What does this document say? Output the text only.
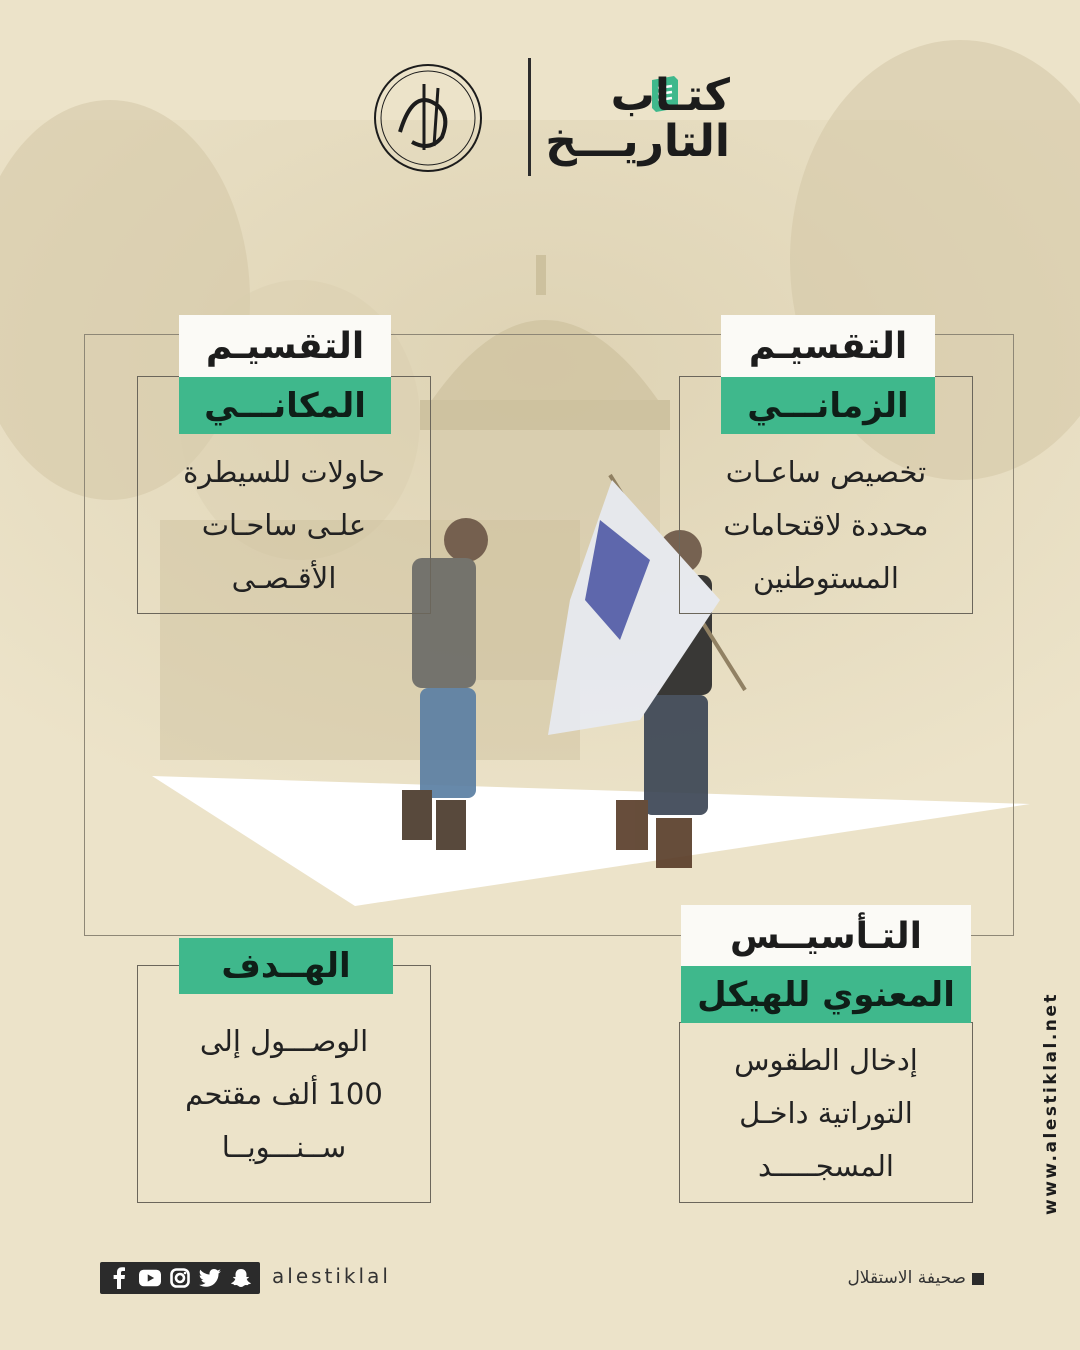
كتـاب
التاريـــخ
التقسيـم
الزمانـــي
تخصيص ساعـات
محددة لاقتحامات
المستوطنين
التقسيـم
المكانـــي
حاولات للسيطرة
علـى ساحـات
الأقـصـى
التـأسيــس
المعنوي للهيكل
إدخال الطقوس
التوراتية داخـل
المسجـــــد
الهــدف
الوصـــول إلى
100 ألف مقتحم
ســنـــويــا	www.alestiklal.net
alestiklal	صحيفة الاستقلال
